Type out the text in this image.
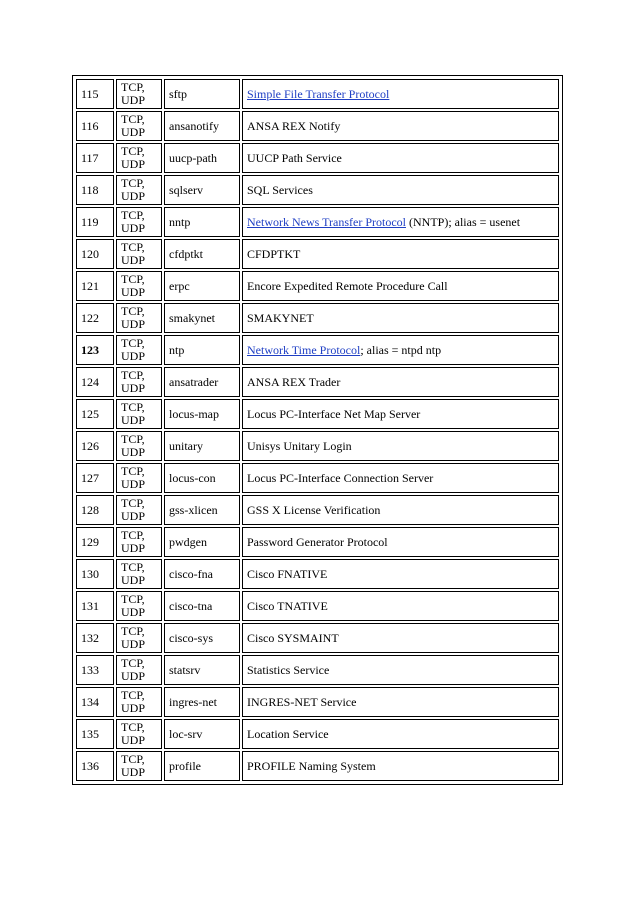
115	TCP,
UDP	sftp	Simple File Transfer Protocol
116	TCP,
UDP	ansanotify	ANSA REX Notify
117	TCP,
UDP	uucp-path	UUCP Path Service
118	TCP,
UDP	sqlserv	SQL Services
119	TCP,
UDP	nntp	Network News Transfer Protocol (NNTP); alias = usenet
120	TCP,
UDP	cfdptkt	CFDPTKT
121	TCP,
UDP	erpc	Encore Expedited Remote Procedure Call
122	TCP,
UDP	smakynet	SMAKYNET
123	TCP,
UDP	ntp	Network Time Protocol; alias = ntpd ntp
124	TCP,
UDP	ansatrader	ANSA REX Trader
125	TCP,
UDP	locus-map	Locus PC-Interface Net Map Server
126	TCP,
UDP	unitary	Unisys Unitary Login
127	TCP,
UDP	locus-con	Locus PC-Interface Connection Server
128	TCP,
UDP	gss-xlicen	GSS X License Verification
129	TCP,
UDP	pwdgen	Password Generator Protocol
130	TCP,
UDP	cisco-fna	Cisco FNATIVE
131	TCP,
UDP	cisco-tna	Cisco TNATIVE
132	TCP,
UDP	cisco-sys	Cisco SYSMAINT
133	TCP,
UDP	statsrv	Statistics Service
134	TCP,
UDP	ingres-net	INGRES-NET Service
135	TCP,
UDP	loc-srv	Location Service
136	TCP,
UDP	profile	PROFILE Naming System
